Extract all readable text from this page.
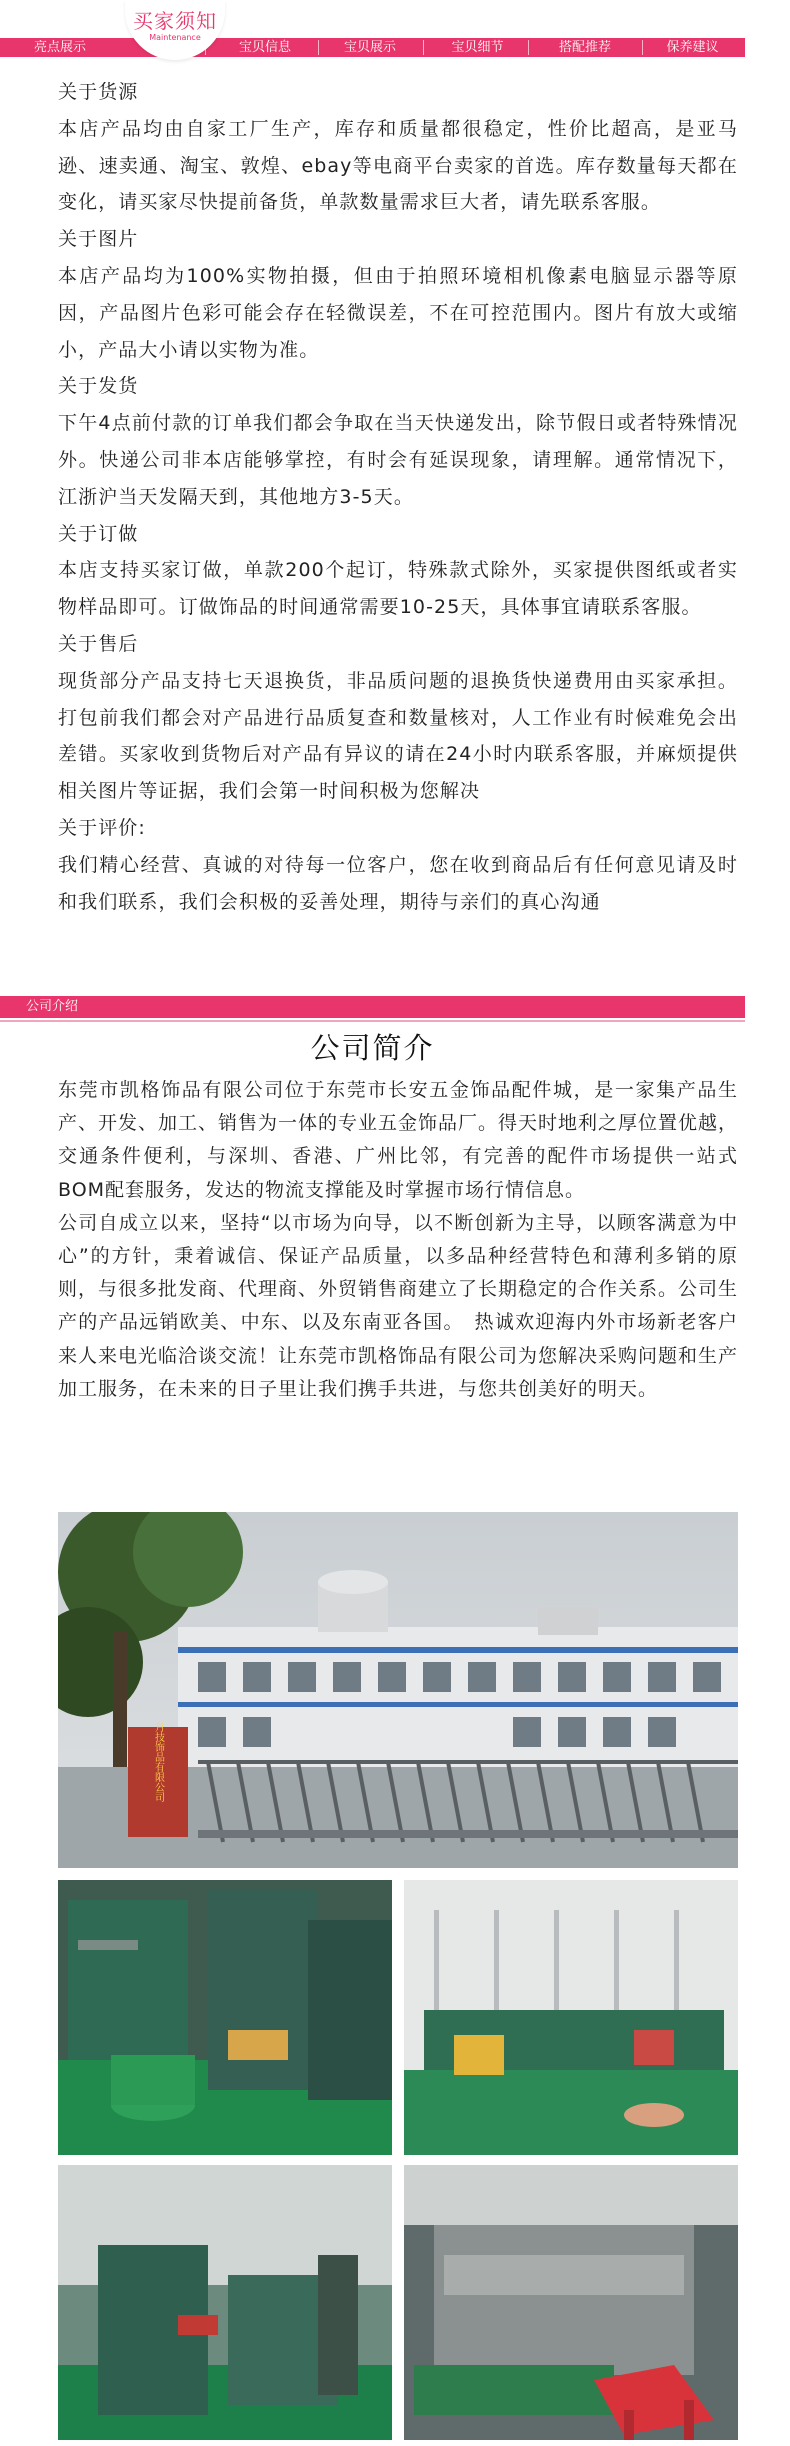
亮点展示	宝贝信息	宝贝展示	宝贝细节	搭配推荐	保养建议
买家须知
Maintenance

关于货源

本店产品均由自家工厂生产，库存和质量都很稳定，性价比超高，是亚马逊、速卖通、淘宝、敦煌、ebay等电商平台卖家的首选。库存数量每天都在变化，请买家尽快提前备货，单款数量需求巨大者，请先联系客服。

关于图片

本店产品均为100%实物拍摄，但由于拍照环境相机像素电脑显示器等原因，产品图片色彩可能会存在轻微误差，不在可控范围内。图片有放大或缩小，产品大小请以实物为准。

关于发货

下午4点前付款的订单我们都会争取在当天快递发出，除节假日或者特殊情况外。快递公司非本店能够掌控，有时会有延误现象，请理解。通常情况下，江浙沪当天发隔天到，其他地方3-5天。

关于订做

本店支持买家订做，单款200个起订，特殊款式除外，买家提供图纸或者实物样品即可。订做饰品的时间通常需要10-25天，具体事宜请联系客服。

关于售后

现货部分产品支持七天退换货，非品质问题的退换货快递费用由买家承担。打包前我们都会对产品进行品质复查和数量核对，人工作业有时候难免会出差错。买家收到货物后对产品有异议的请在24小时内联系客服，并麻烦提供相关图片等证据，我们会第一时间积极为您解决

关于评价:

我们精心经营、真诚的对待每一位客户，您在收到商品后有任何意见请及时和我们联系，我们会积极的妥善处理，期待与亲们的真心沟通

公司介绍
公司简介

东莞市凯格饰品有限公司位于东莞市长安五金饰品配件城，是一家集产品生产、开发、加工、销售为一体的专业五金饰品厂。得天时地利之厚位置优越，交通条件便利，与深圳、香港、广州比邻，有完善的配件市场提供一站式BOM配套服务，发达的物流支撑能及时掌握市场行情信息。

公司自成立以来，坚持“以市场为向导，以不断创新为主导，以顾客满意为中心”的方针，秉着诚信、保证产品质量，以多品种经营特色和薄利多销的原则，与很多批发商、代理商、外贸销售商建立了长期稳定的合作关系。公司生产的产品远销欧美、中东、以及东南亚各国。　热诚欢迎海内外市场新老客户来人来电光临洽谈交流！让东莞市凯格饰品有限公司为您解决采购问题和生产加工服务，在未来的日子里让我们携手共进，与您共创美好的明天。

月技饰品有限公司
